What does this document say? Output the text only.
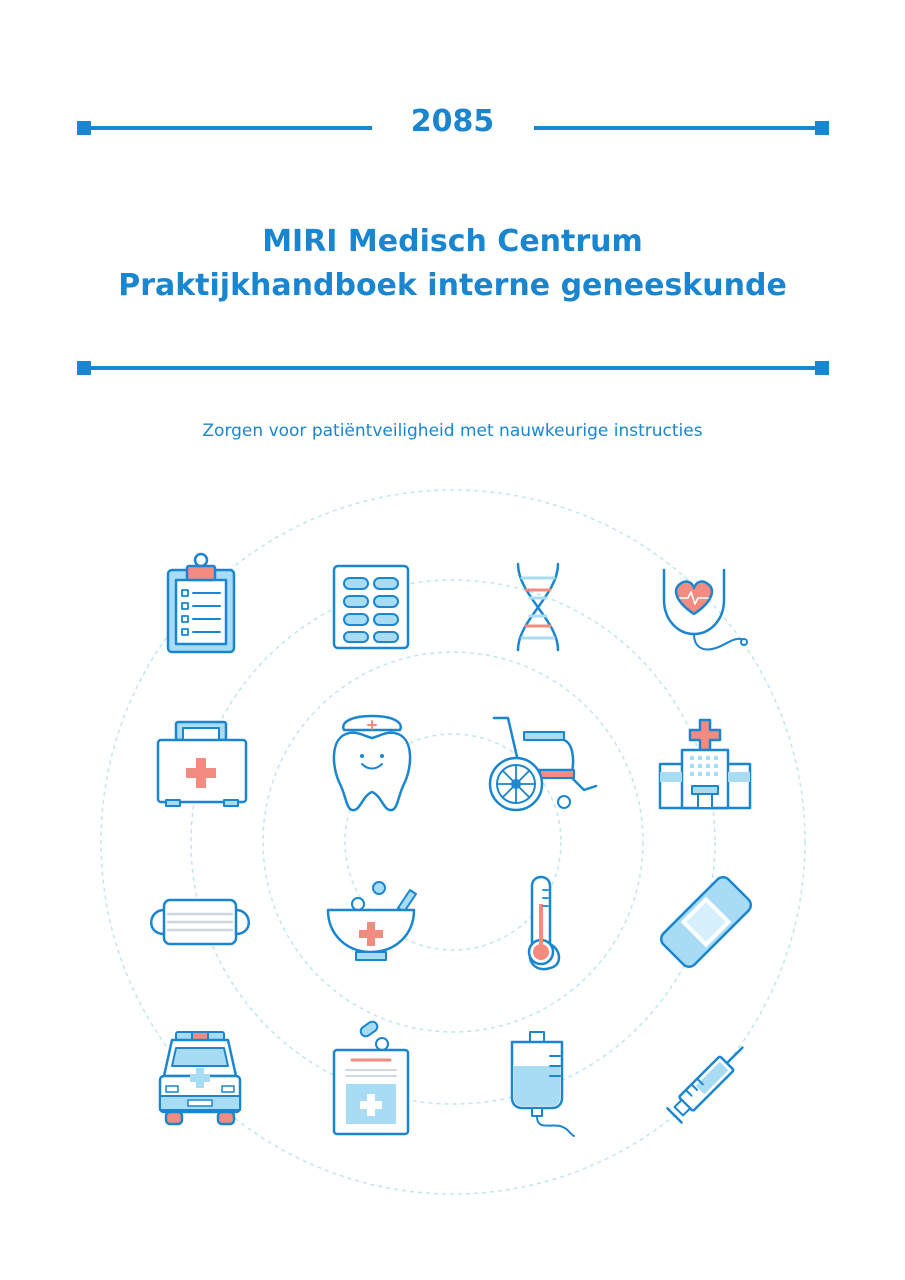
2085
MIRI Medisch Centrum
Praktijkhandboek interne geneeskunde
Zorgen voor patiëntveiligheid met nauwkeurige instructies
